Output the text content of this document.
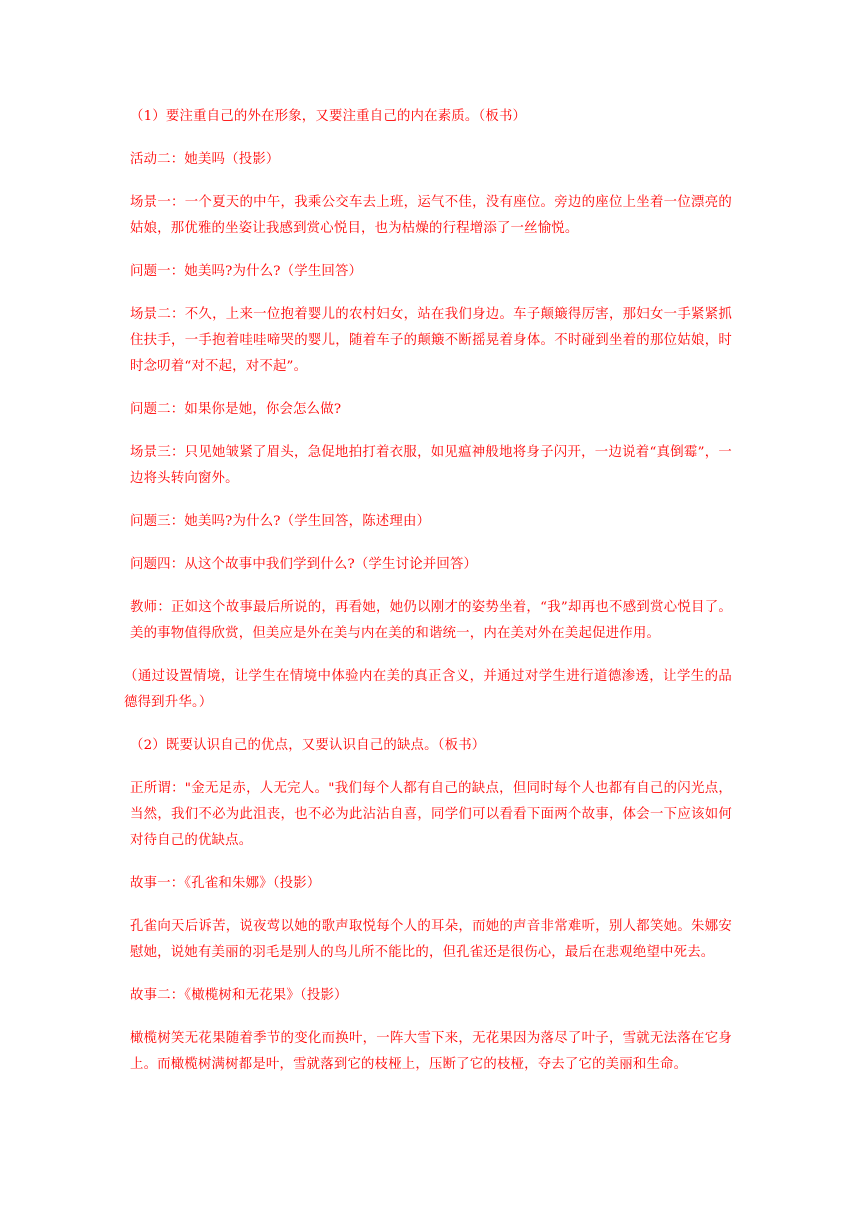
（1）要注重自己的外在形象，又要注重自己的内在素质。（板书）

活动二：她美吗（投影）

场景一：一个夏天的中午，我乘公交车去上班，运气不佳，没有座位。旁边的座位上坐着一位漂亮的姑娘，那优雅的坐姿让我感到赏心悦目，也为枯燥的行程增添了一丝愉悦。

问题一：她美吗?为什么?（学生回答）

场景二：不久，上来一位抱着婴儿的农村妇女，站在我们身边。车子颠簸得厉害，那妇女一手紧紧抓住扶手，一手抱着哇哇啼哭的婴儿，随着车子的颠簸不断摇晃着身体。不时碰到坐着的那位姑娘，时时念叨着“对不起，对不起”。

问题二：如果你是她，你会怎么做?

场景三：只见她皱紧了眉头，急促地拍打着衣服，如见瘟神般地将身子闪开，一边说着“真倒霉”，一边将头转向窗外。

问题三：她美吗?为什么?（学生回答，陈述理由）

问题四：从这个故事中我们学到什么?（学生讨论并回答）

教师：正如这个故事最后所说的，再看她，她仍以刚才的姿势坐着，“我”却再也不感到赏心悦目了。美的事物值得欣赏，但美应是外在美与内在美的和谐统一，内在美对外在美起促进作用。

（通过设置情境，让学生在情境中体验内在美的真正含义，并通过对学生进行道德渗透，让学生的品德得到升华。）

（2）既要认识自己的优点，又要认识自己的缺点。（板书）

正所谓："金无足赤，人无完人。"我们每个人都有自己的缺点，但同时每个人也都有自己的闪光点，当然，我们不必为此沮丧，也不必为此沾沾自喜，同学们可以看看下面两个故事，体会一下应该如何对待自己的优缺点。

故事一：《孔雀和朱娜》（投影）

孔雀向天后诉苦，说夜莺以她的歌声取悦每个人的耳朵，而她的声音非常难听，别人都笑她。朱娜安慰她，说她有美丽的羽毛是别人的鸟儿所不能比的，但孔雀还是很伤心，最后在悲观绝望中死去。

故事二：《橄榄树和无花果》（投影）

橄榄树笑无花果随着季节的变化而换叶，一阵大雪下来，无花果因为落尽了叶子，雪就无法落在它身上。而橄榄树满树都是叶，雪就落到它的枝桠上，压断了它的枝桠，夺去了它的美丽和生命。
